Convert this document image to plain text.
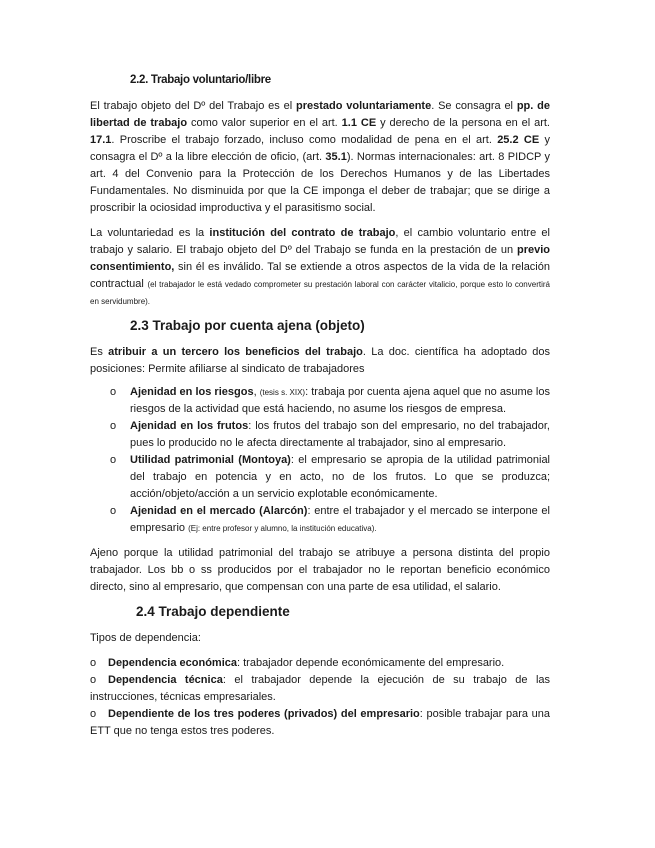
2.2. Trabajo voluntario/libre

El trabajo objeto del Dº del Trabajo es el prestado voluntariamente. Se consagra el pp. de libertad de trabajo como valor superior en el art. 1.1 CE y derecho de la persona en el art. 17.1. Proscribe el trabajo forzado, incluso como modalidad de pena en el art. 25.2 CE y consagra el Dº a la libre elección de oficio, (art. 35.1). Normas internacionales: art. 8 PIDCP y art. 4 del Convenio para la Protección de los Derechos Humanos y de las Libertades Fundamentales. No disminuida por que la CE imponga el deber de trabajar; que se dirige a proscribir la ociosidad improductiva y el parasitismo social.

La voluntariedad es la institución del contrato de trabajo, el cambio voluntario entre el trabajo y salario. El trabajo objeto del Dº del Trabajo se funda en la prestación de un previo consentimiento, sin él es inválido. Tal se extiende a otros aspectos de la vida de la relación contractual (el trabajador le está vedado comprometer su prestación laboral con carácter vitalicio, porque esto lo convertirá en servidumbre).

2.3 Trabajo por cuenta ajena (objeto)

Es atribuir a un tercero los beneficios del trabajo. La doc. científica ha adoptado dos posiciones: Permite afiliarse al sindicato de trabajadores

o Ajenidad en los riesgos, (tesis s. XIX): trabaja por cuenta ajena aquel que no asume los riesgos de la actividad que está haciendo, no asume los riesgos de empresa.
o Ajenidad en los frutos: los frutos del trabajo son del empresario, no del trabajador, pues lo producido no le afecta directamente al trabajador, sino al empresario.
o Utilidad patrimonial (Montoya): el empresario se apropia de la utilidad patrimonial del trabajo en potencia y en acto, no de los frutos. Lo que se produzca; acción/objeto/acción a un servicio explotable económicamente.
o Ajenidad en el mercado (Alarcón): entre el trabajador y el mercado se interpone el empresario (Ej: entre profesor y alumno, la institución educativa).

Ajeno porque la utilidad patrimonial del trabajo se atribuye a persona distinta del propio trabajador. Los bb o ss producidos por el trabajador no le reportan beneficio económico directo, sino al empresario, que compensan con una parte de esa utilidad, el salario.

2.4 Trabajo dependiente

Tipos de dependencia:

o Dependencia económica: trabajador depende económicamente del empresario.
o Dependencia técnica: el trabajador depende la ejecución de su trabajo de las instrucciones, técnicas empresariales.
o Dependiente de los tres poderes (privados) del empresario: posible trabajar para una ETT que no tenga estos tres poderes.
